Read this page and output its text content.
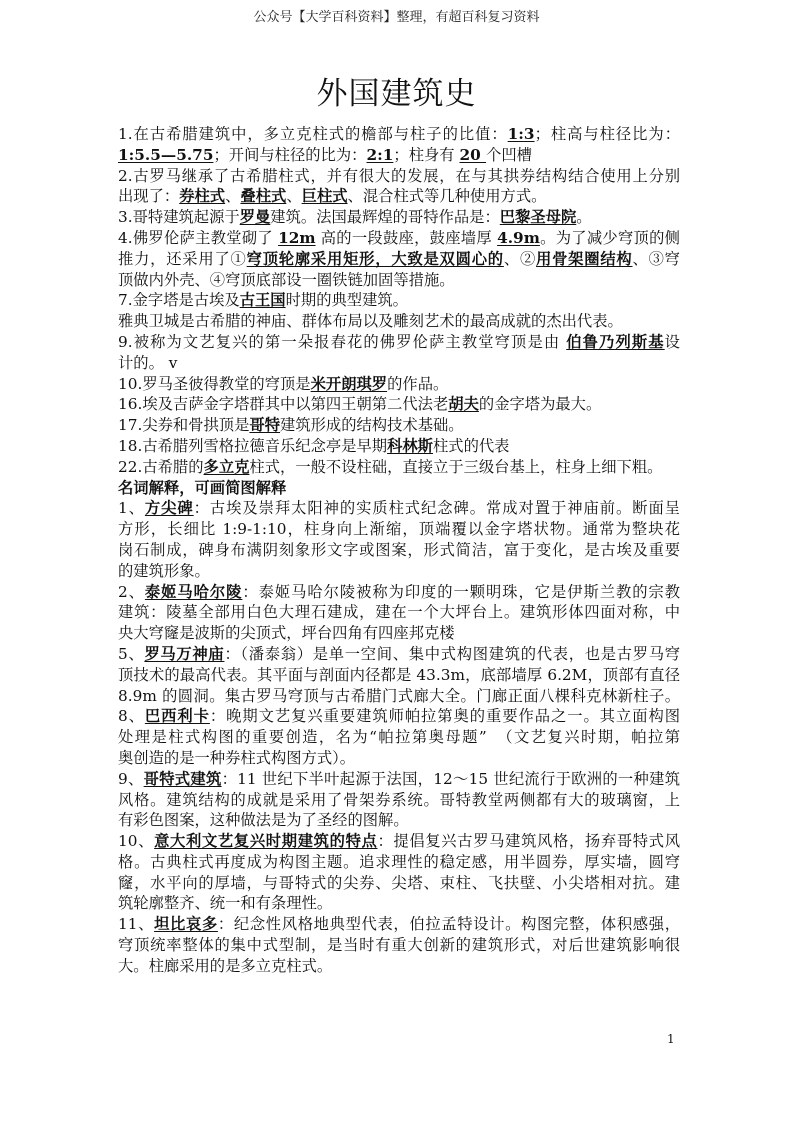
公众号【大学百科资料】整理，有超百科复习资料
外国建筑史
1.在古希腊建筑中，多立克柱式的檐部与柱子的比值：1:3；柱高与柱径比为：
1:5.5—5.75；开间与柱径的比为：2:1；柱身有 20 个凹槽
2.古罗马继承了古希腊柱式，并有很大的发展，在与其拱券结构结合使用上分别
出现了：券柱式、叠柱式、巨柱式、混合柱式等几种使用方式。
3.哥特建筑起源于罗曼建筑。法国最辉煌的哥特作品是：巴黎圣母院。
4.佛罗伦萨主教堂砌了 12m 高的一段鼓座，鼓座墙厚 4.9m。为了减少穹顶的侧
推力，还采用了①穹顶轮廓采用矩形，大致是双圆心的、②用骨架圈结构、③穹
顶做内外壳、④穹顶底部设一圈铁链加固等措施。
7.金字塔是古埃及古王国时期的典型建筑。
雅典卫城是古希腊的神庙、群体布局以及雕刻艺术的最高成就的杰出代表。
9.被称为文艺复兴的第一朵报春花的佛罗伦萨主教堂穹顶是由 伯鲁乃列斯基设
计的。 v
10.罗马圣彼得教堂的穹顶是米开朗琪罗的作品。
16.埃及吉萨金字塔群其中以第四王朝第二代法老胡夫的金字塔为最大。
17.尖券和骨拱顶是哥特建筑形成的结构技术基础。
18.古希腊列雪格拉德音乐纪念亭是早期科林斯柱式的代表
22.古希腊的多立克柱式，一般不设柱础，直接立于三级台基上，柱身上细下粗。
名词解释，可画简图解释
1、方尖碑：古埃及崇拜太阳神的实质柱式纪念碑。常成对置于神庙前。断面呈
方形，长细比 1:9-1:10，柱身向上渐缩，顶端覆以金字塔状物。通常为整块花
岗石制成，碑身布满阴刻象形文字或图案，形式简洁，富于变化，是古埃及重要
的建筑形象。
2、泰姬马哈尔陵：泰姬马哈尔陵被称为印度的一颗明珠，它是伊斯兰教的宗教
建筑：陵墓全部用白色大理石建成，建在一个大坪台上。建筑形体四面对称，中
央大穹窿是波斯的尖顶式，坪台四角有四座邦克楼
5、罗马万神庙：（潘泰翁）是单一空间、集中式构图建筑的代表，也是古罗马穹
顶技术的最高代表。其平面与剖面内径都是 43.3m，底部墙厚 6.2M，顶部有直径
8.9m 的圆洞。集古罗马穹顶与古希腊门式廊大全。门廊正面八棵科克林新柱子。
8、巴西利卡：晚期文艺复兴重要建筑师帕拉第奥的重要作品之一。其立面构图
处理是柱式构图的重要创造，名为“帕拉第奥母题”　（文艺复兴时期，帕拉第
奥创造的是一种券柱式构图方式）。
9、哥特式建筑：11 世纪下半叶起源于法国，12～15 世纪流行于欧洲的一种建筑
风格。建筑结构的成就是采用了骨架券系统。哥特教堂两侧都有大的玻璃窗，上
有彩色图案，这种做法是为了圣经的图解。
10、意大利文艺复兴时期建筑的特点：提倡复兴古罗马建筑风格，扬弃哥特式风
格。古典柱式再度成为构图主题。追求理性的稳定感，用半圆券，厚实墙，圆穹
窿，水平向的厚墙，与哥特式的尖券、尖塔、束柱、飞扶壁、小尖塔相对抗。建
筑轮廓整齐、统一和有条理性。
11、坦比哀多：纪念性风格地典型代表，伯拉孟特设计。构图完整，体积感强，
穹顶统率整体的集中式型制，是当时有重大创新的建筑形式，对后世建筑影响很
大。柱廊采用的是多立克柱式。
1
